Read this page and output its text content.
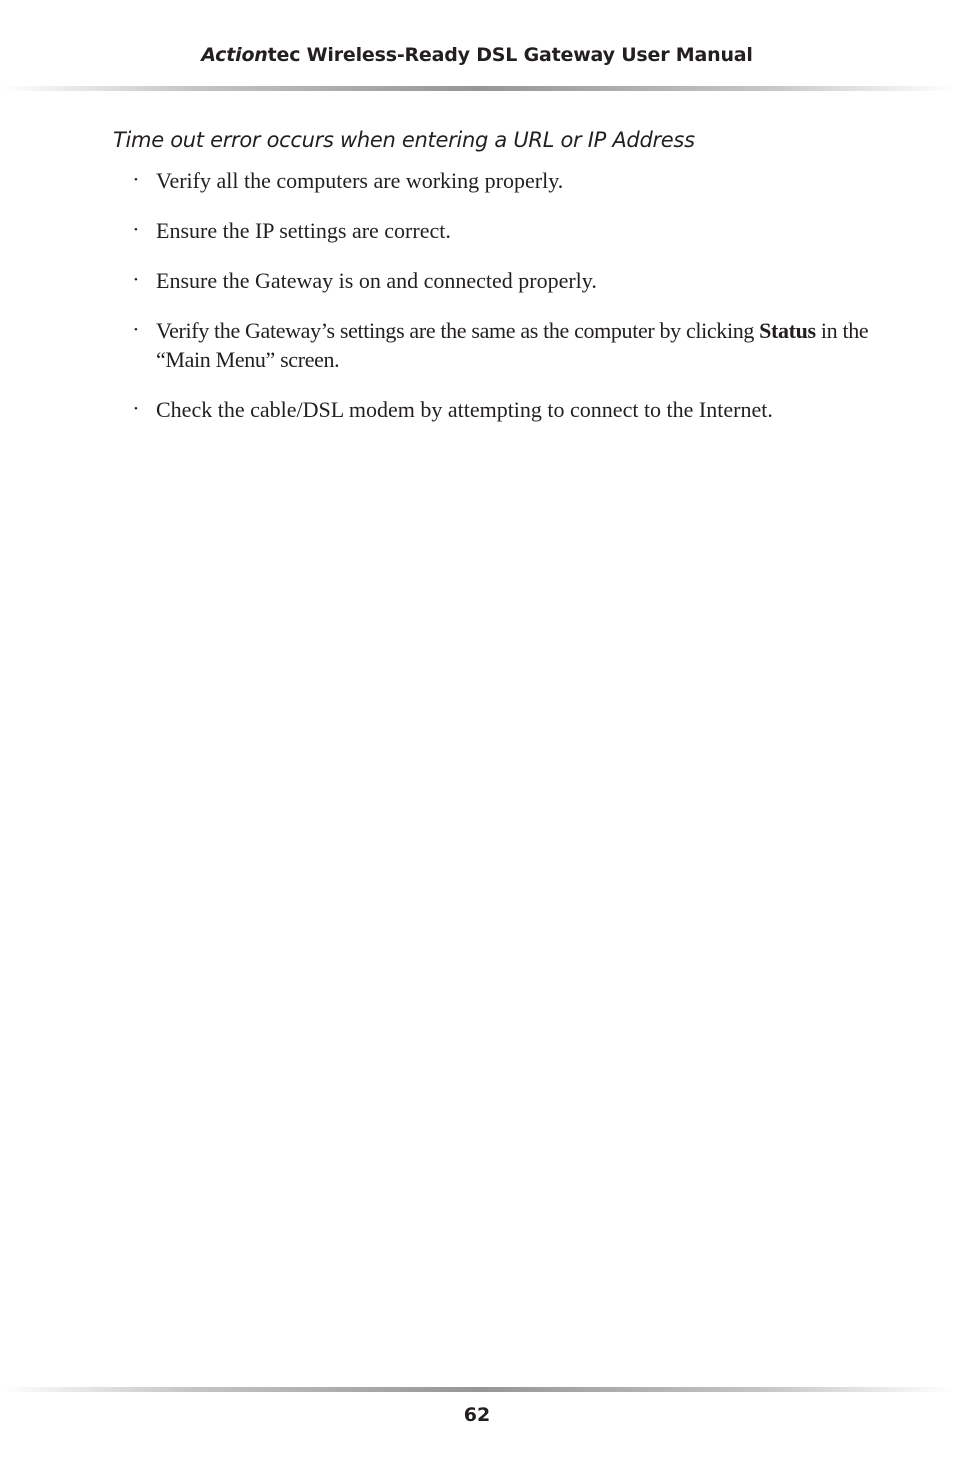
Actiontec Wireless-Ready DSL Gateway User Manual
Time out error occurs when entering a URL or IP Address
• Verify all the computers are working properly.
• Ensure the IP settings are correct.
• Ensure the Gateway is on and connected properly.
• Verify the Gateway’s settings are the same as the computer by clicking Status in the “Main Menu” screen.
• Check the cable/DSL modem by attempting to connect to the Internet.
62
